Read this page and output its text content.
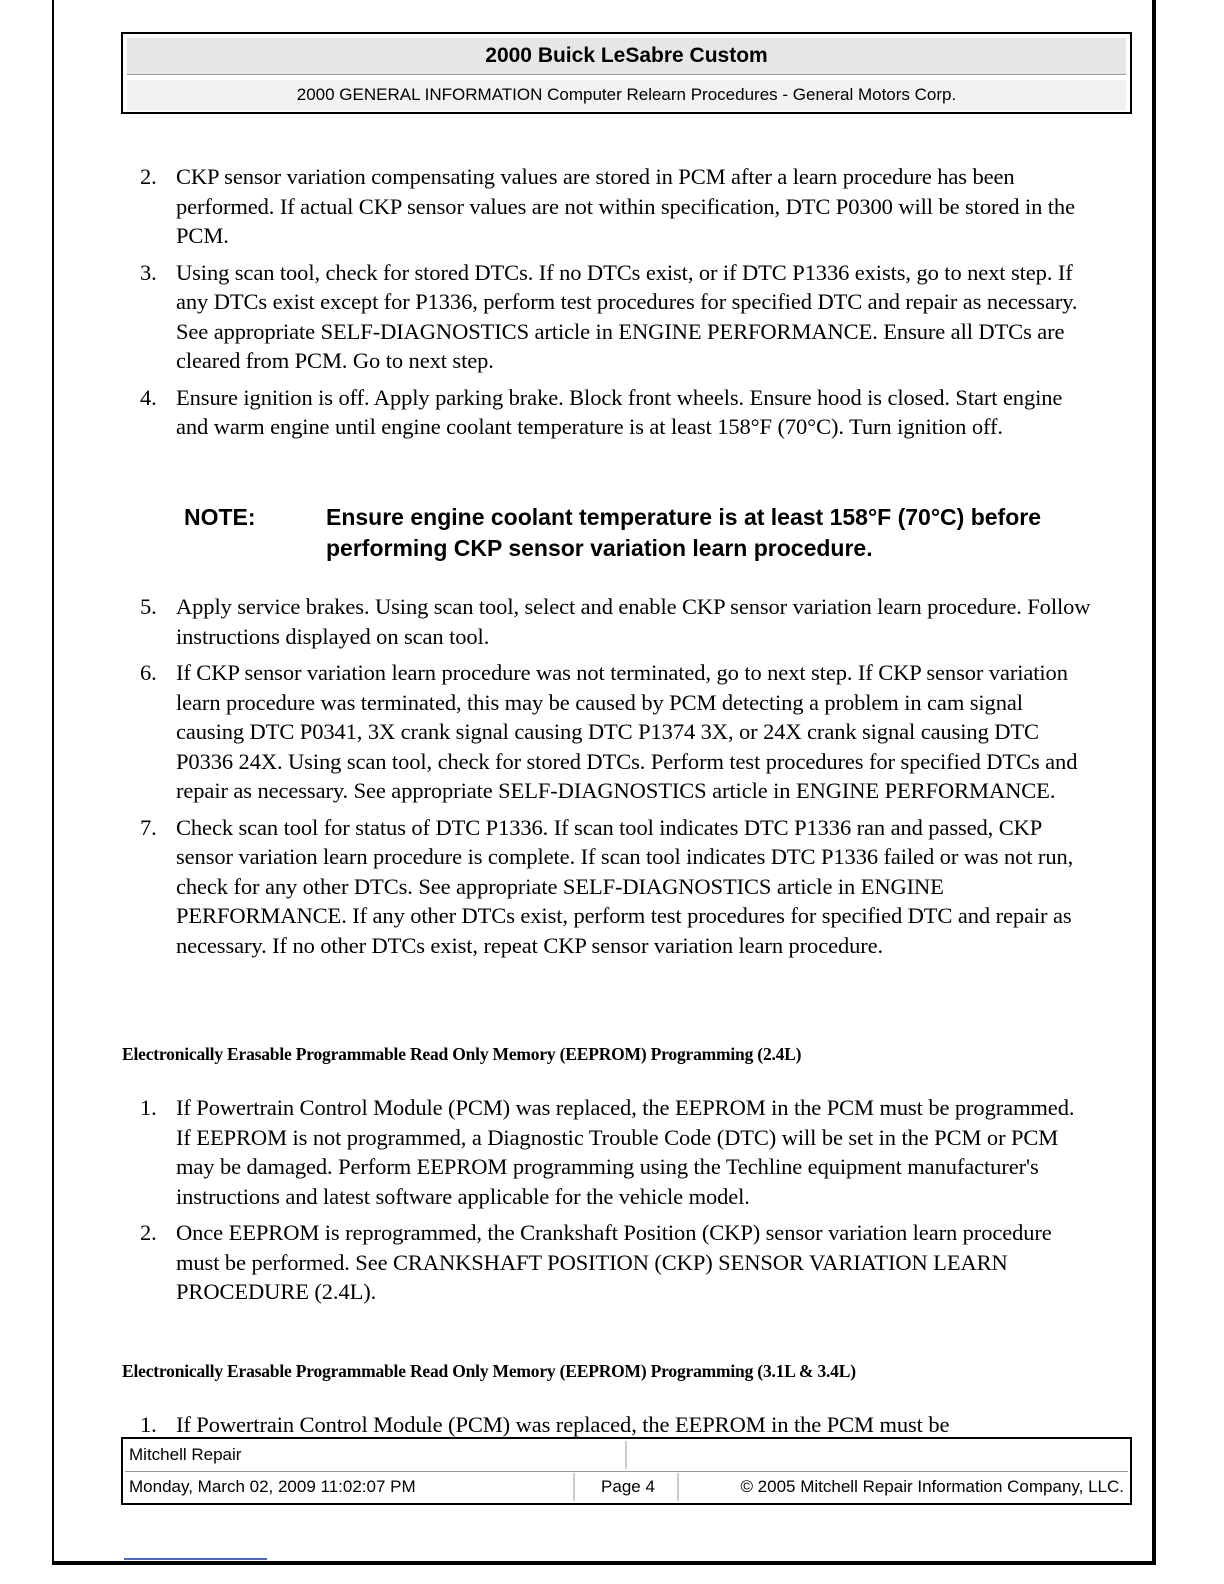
2000 Buick LeSabre Custom
2000 GENERAL INFORMATION Computer Relearn Procedures - General Motors Corp.
2. CKP sensor variation compensating values are stored in PCM after a learn procedure has been performed. If actual CKP sensor values are not within specification, DTC P0300 will be stored in the PCM.
3. Using scan tool, check for stored DTCs. If no DTCs exist, or if DTC P1336 exists, go to next step. If any DTCs exist except for P1336, perform test procedures for specified DTC and repair as necessary. See appropriate SELF-DIAGNOSTICS article in ENGINE PERFORMANCE. Ensure all DTCs are cleared from PCM. Go to next step.
4. Ensure ignition is off. Apply parking brake. Block front wheels. Ensure hood is closed. Start engine and warm engine until engine coolant temperature is at least 158°F (70°C). Turn ignition off.
NOTE:	Ensure engine coolant temperature is at least 158°F (70°C) before performing CKP sensor variation learn procedure.
5. Apply service brakes. Using scan tool, select and enable CKP sensor variation learn procedure. Follow instructions displayed on scan tool.
6. If CKP sensor variation learn procedure was not terminated, go to next step. If CKP sensor variation learn procedure was terminated, this may be caused by PCM detecting a problem in cam signal causing DTC P0341, 3X crank signal causing DTC P1374 3X, or 24X crank signal causing DTC P0336 24X. Using scan tool, check for stored DTCs. Perform test procedures for specified DTCs and repair as necessary. See appropriate SELF-DIAGNOSTICS article in ENGINE PERFORMANCE.
7. Check scan tool for status of DTC P1336. If scan tool indicates DTC P1336 ran and passed, CKP sensor variation learn procedure is complete. If scan tool indicates DTC P1336 failed or was not run, check for any other DTCs. See appropriate SELF-DIAGNOSTICS article in ENGINE PERFORMANCE. If any other DTCs exist, perform test procedures for specified DTC and repair as necessary. If no other DTCs exist, repeat CKP sensor variation learn procedure.
Electronically Erasable Programmable Read Only Memory (EEPROM) Programming (2.4L)
1. If Powertrain Control Module (PCM) was replaced, the EEPROM in the PCM must be programmed. If EEPROM is not programmed, a Diagnostic Trouble Code (DTC) will be set in the PCM or PCM may be damaged. Perform EEPROM programming using the Techline equipment manufacturer's instructions and latest software applicable for the vehicle model.
2. Once EEPROM is reprogrammed, the Crankshaft Position (CKP) sensor variation learn procedure must be performed. See CRANKSHAFT POSITION (CKP) SENSOR VARIATION LEARN PROCEDURE (2.4L).
Electronically Erasable Programmable Read Only Memory (EEPROM) Programming (3.1L & 3.4L)
1. If Powertrain Control Module (PCM) was replaced, the EEPROM in the PCM must be
Mitchell Repair
Monday, March 02, 2009 11:02:07 PM	Page 4	© 2005 Mitchell Repair Information Company, LLC.
